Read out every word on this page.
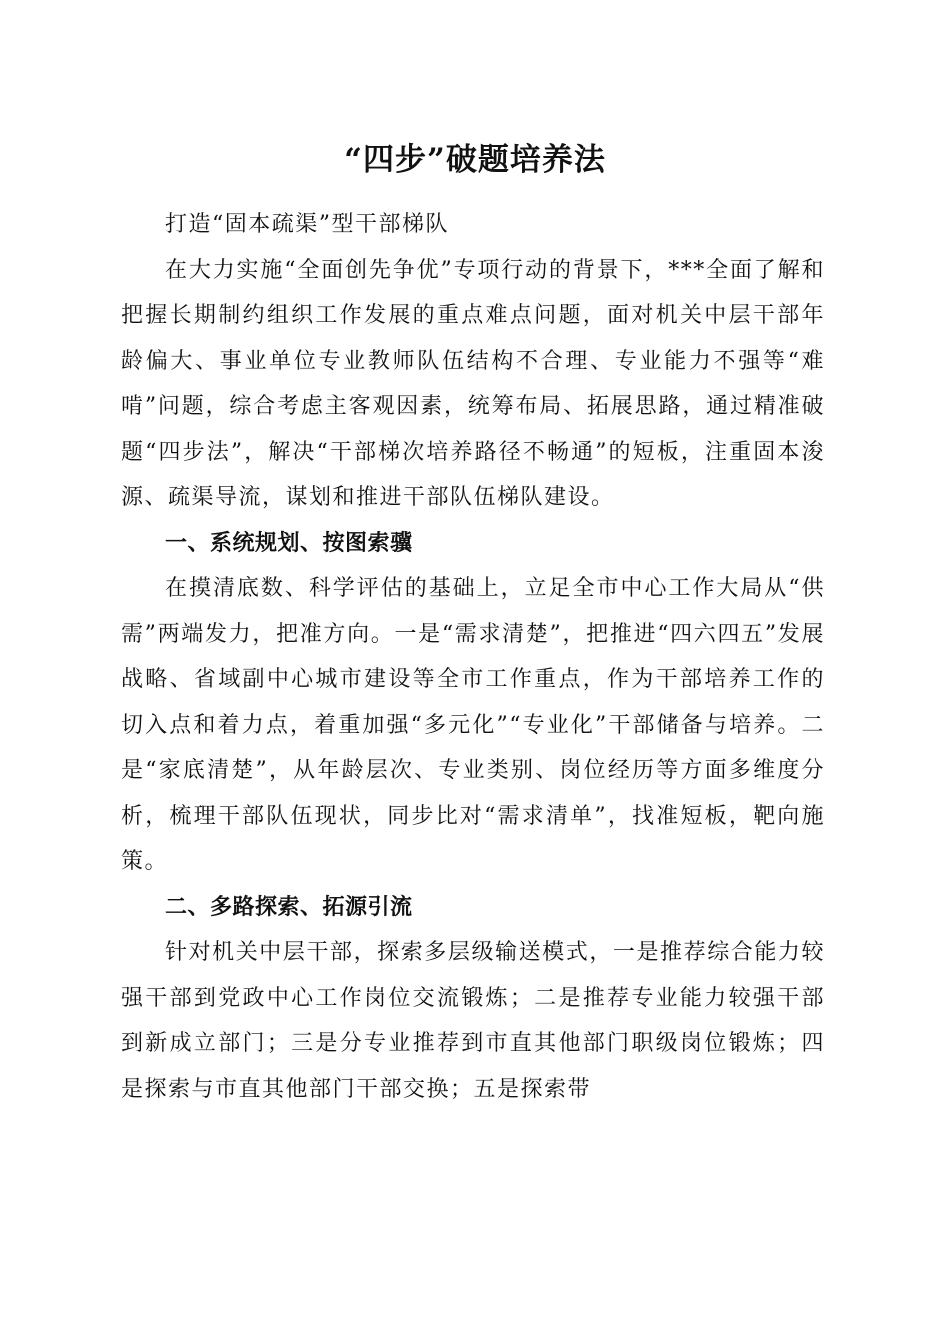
“四步”破题培养法

打造“固本疏渠”型干部梯队

在大力实施“全面创先争优”专项行动的背景下，***全面了解和把握长期制约组织工作发展的重点难点问题，面对机关中层干部年龄偏大、事业单位专业教师队伍结构不合理、专业能力不强等“难啃”问题，综合考虑主客观因素，统筹布局、拓展思路，通过精准破题“四步法”，解决“干部梯次培养路径不畅通”的短板，注重固本浚源、疏渠导流，谋划和推进干部队伍梯队建设。

一、系统规划、按图索骥

在摸清底数、科学评估的基础上，立足全市中心工作大局从“供需”两端发力，把准方向。一是“需求清楚”，把推进“四六四五”发展战略、省域副中心城市建设等全市工作重点，作为干部培养工作的切入点和着力点，着重加强“多元化”“专业化”干部储备与培养。二是“家底清楚”，从年龄层次、专业类别、岗位经历等方面多维度分析，梳理干部队伍现状，同步比对“需求清单”，找准短板，靶向施策。

二、多路探索、拓源引流

针对机关中层干部，探索多层级输送模式，一是推荐综合能力较强干部到党政中心工作岗位交流锻炼；二是推荐专业能力较强干部到新成立部门；三是分专业推荐到市直其他部门职级岗位锻炼；四是探索与市直其他部门干部交换；五是探索带
